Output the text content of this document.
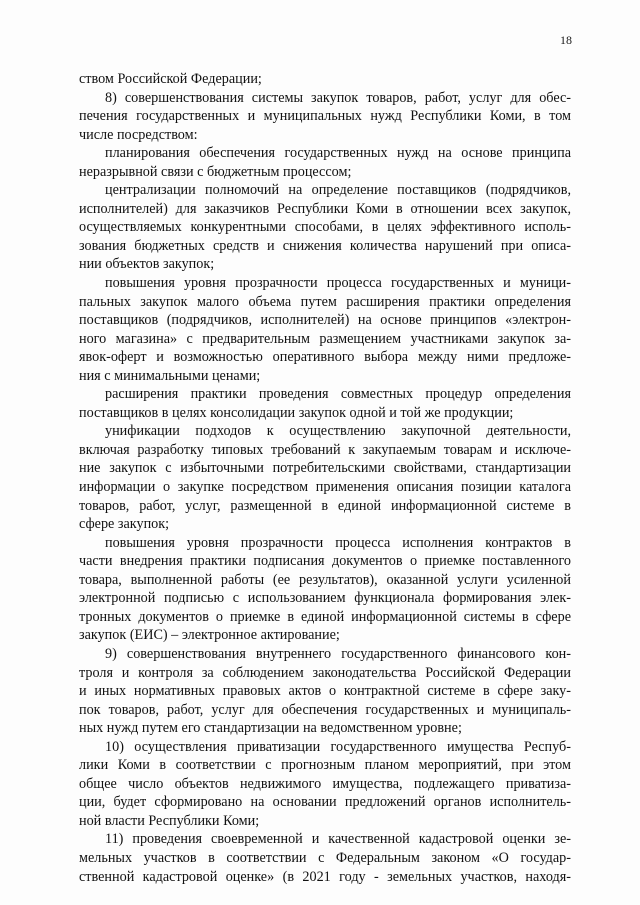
18
ством Российской Федерации;
8) совершенствования системы закупок товаров, работ, услуг для обес-
печения государственных и муниципальных нужд Республики Коми, в том
числе посредством:
планирования обеспечения государственных нужд на основе принципа
неразрывной связи с бюджетным процессом;
централизации полномочий на определение поставщиков (подрядчиков,
исполнителей) для заказчиков Республики Коми в отношении всех закупок,
осуществляемых конкурентными способами, в целях эффективного исполь-
зования бюджетных средств и снижения количества нарушений при описа-
нии объектов закупок;
повышения уровня прозрачности процесса государственных и муници-
пальных закупок малого объема путем расширения практики определения
поставщиков (подрядчиков, исполнителей) на основе принципов «электрон-
ного магазина» с предварительным размещением участниками закупок за-
явок-оферт и возможностью оперативного выбора между ними предложе-
ния с минимальными ценами;
расширения практики проведения совместных процедур определения
поставщиков в целях консолидации закупок одной и той же продукции;
унификации подходов к осуществлению закупочной деятельности,
включая разработку типовых требований к закупаемым товарам и исключе-
ние закупок с избыточными потребительскими свойствами, стандартизации
информации о закупке посредством применения описания позиции каталога
товаров, работ, услуг, размещенной в единой информационной системе в
сфере закупок;
повышения уровня прозрачности процесса исполнения контрактов в
части внедрения практики подписания документов о приемке поставленного
товара, выполненной работы (ее результатов), оказанной услуги усиленной
электронной подписью с использованием функционала формирования элек-
тронных документов о приемке в единой информационной системы в сфере
закупок (ЕИС) – электронное актирование;
9) совершенствования внутреннего государственного финансового кон-
троля и контроля за соблюдением законодательства Российской Федерации
и иных нормативных правовых актов о контрактной системе в сфере заку-
пок товаров, работ, услуг для обеспечения государственных и муниципаль-
ных нужд путем его стандартизации на ведомственном уровне;
10) осуществления приватизации государственного имущества Респуб-
лики Коми в соответствии с прогнозным планом мероприятий, при этом
общее число объектов недвижимого имущества, подлежащего приватиза-
ции, будет сформировано на основании предложений органов исполнитель-
ной власти Республики Коми;
11) проведения своевременной и качественной кадастровой оценки зе-
мельных участков в соответствии с Федеральным законом «О государ-
ственной кадастровой оценке» (в 2021 году - земельных участков, находя-
